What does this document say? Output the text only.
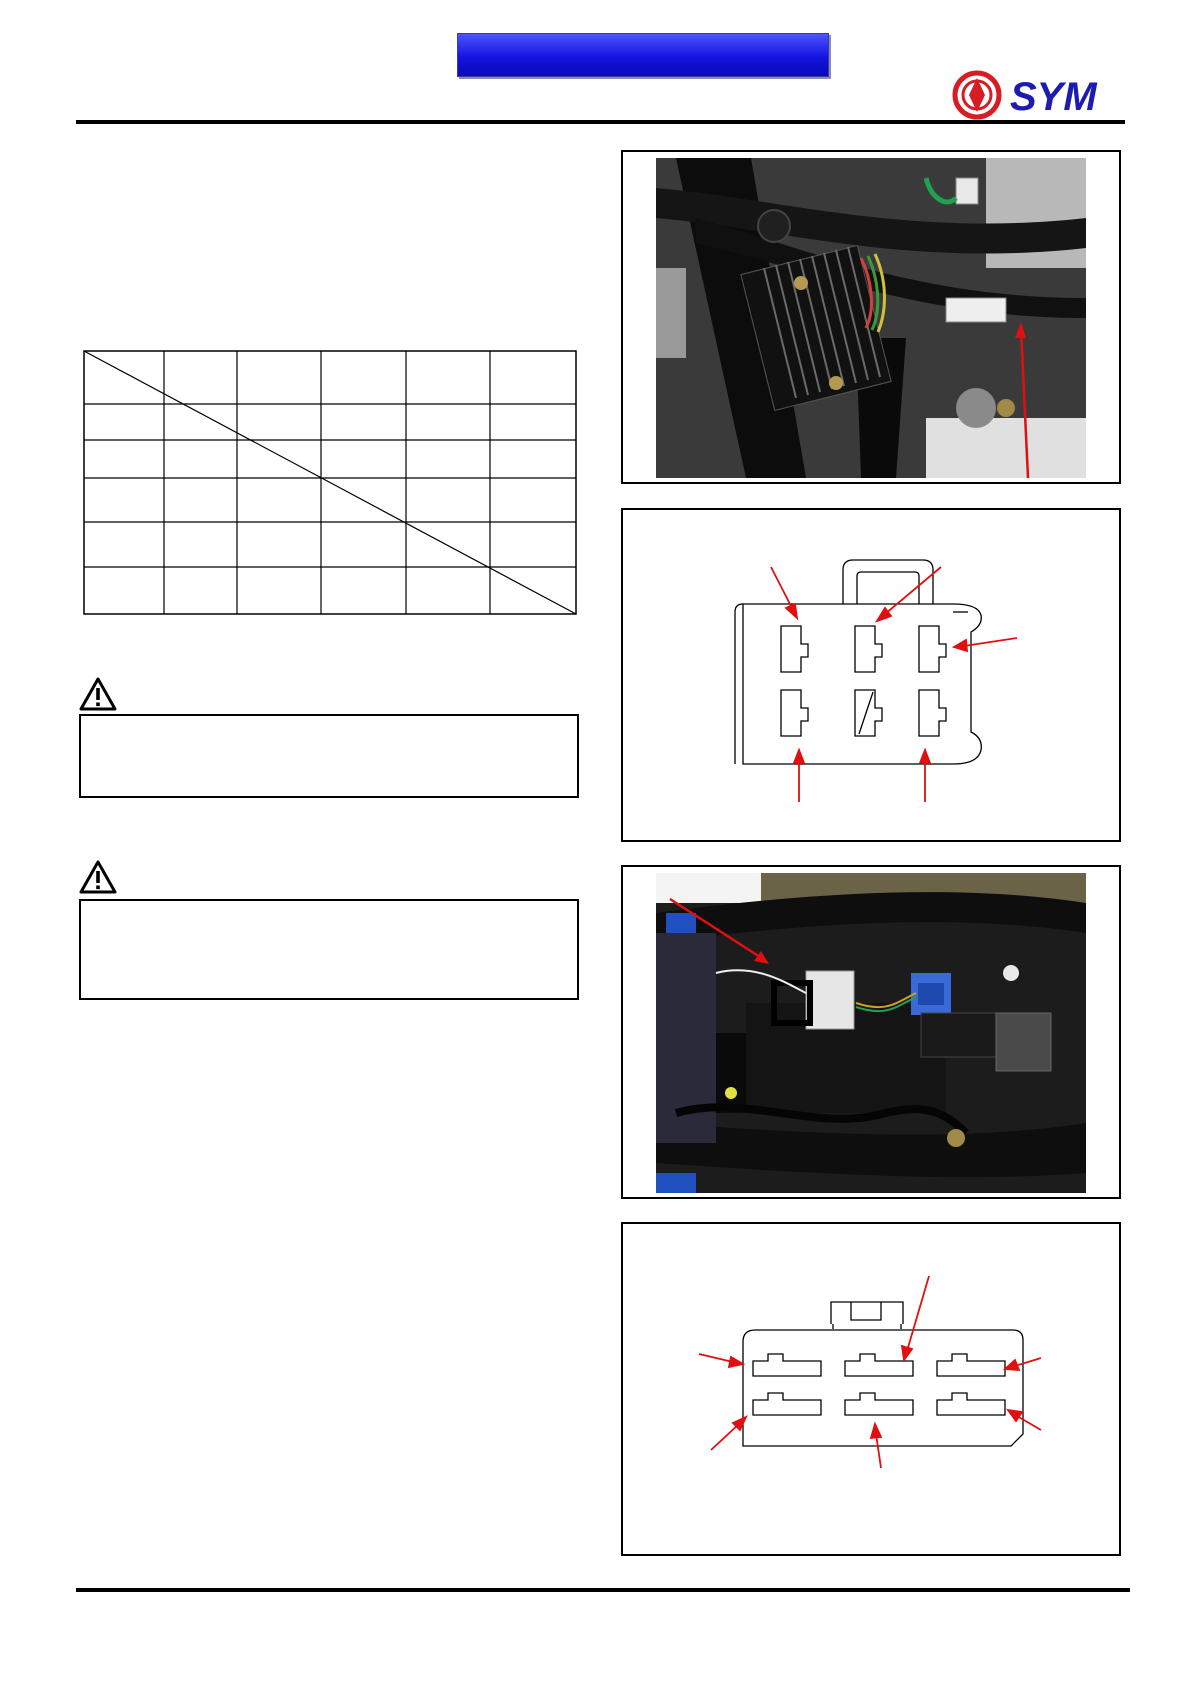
SYM
